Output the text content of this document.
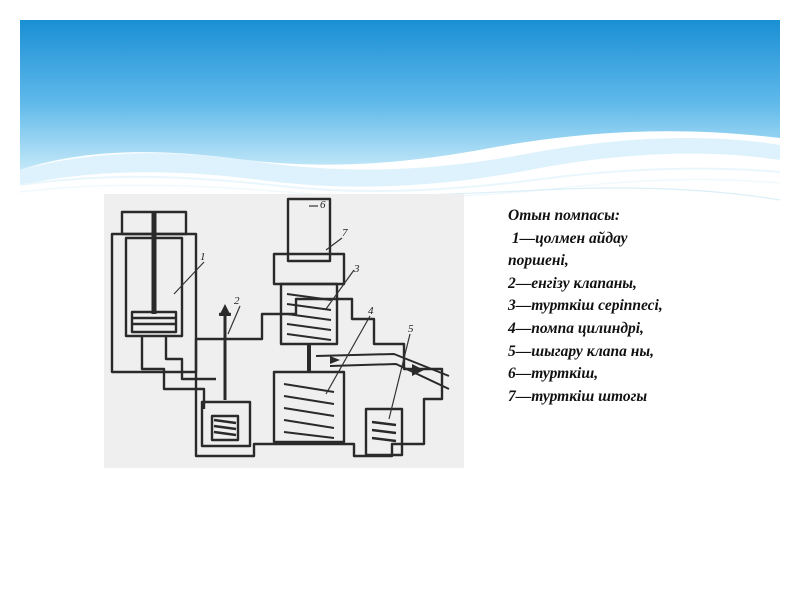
1
2
3
4
5
6
7
Отын помпасы:
1—цолмен айдау
поршені,
2—енгізу клапаны,
3—турткіш серіппесі,
4—помпа цилиндрі,
5—шыгару клапа ны,
6—турткіш,
7—турткіш штогы
